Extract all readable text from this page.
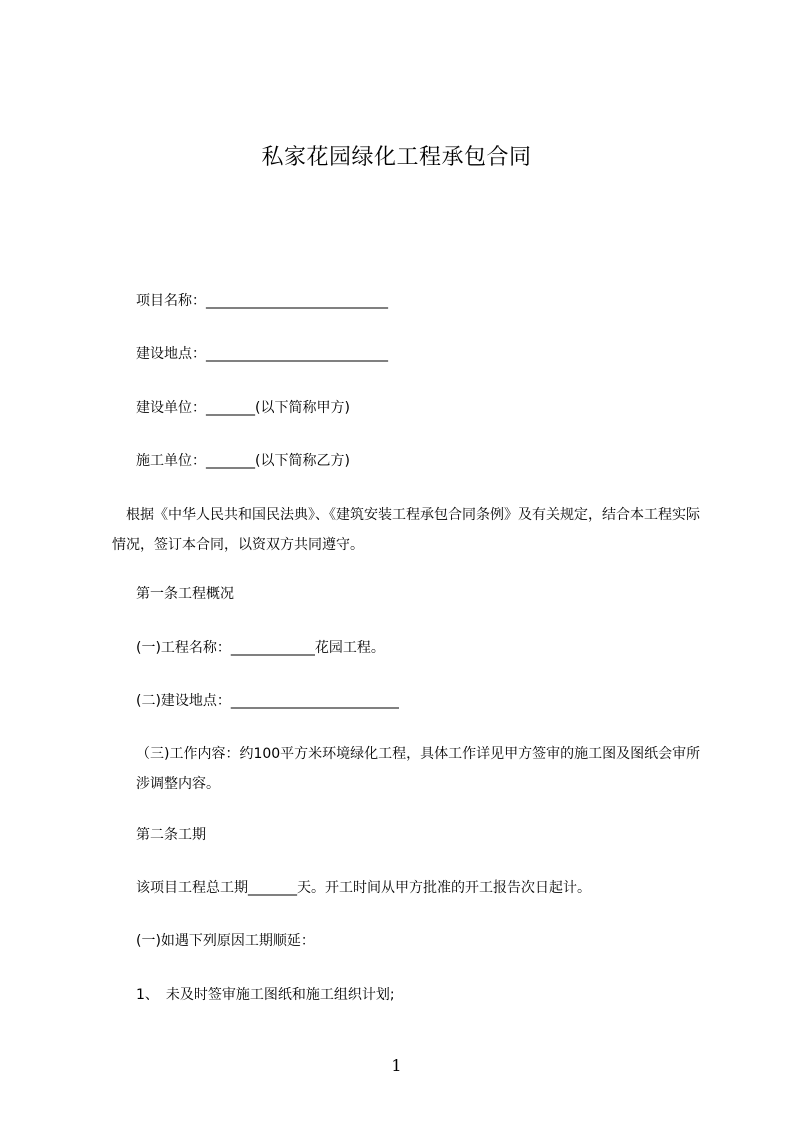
私家花园绿化工程承包合同
项目名称：__________________________
建设地点：__________________________
建设单位：_______(以下简称甲方)
施工单位：_______(以下简称乙方)
　根据《中华人民共和国民法典》、《建筑安装工程承包合同条例》及有关规定，结合本工程实际情况，签订本合同，以资双方共同遵守。
第一条工程概况
(一)工程名称：____________花园工程。
(二)建设地点：________________________
（三)工作内容：约100平方米环境绿化工程，具体工作详见甲方签审的施工图及图纸会审所涉调整内容。
第二条工期
该项目工程总工期_______天。开工时间从甲方批准的开工报告次日起计。
(一)如遇下列原因工期顺延：
1、　未及时签审施工图纸和施工组织计划;
1
